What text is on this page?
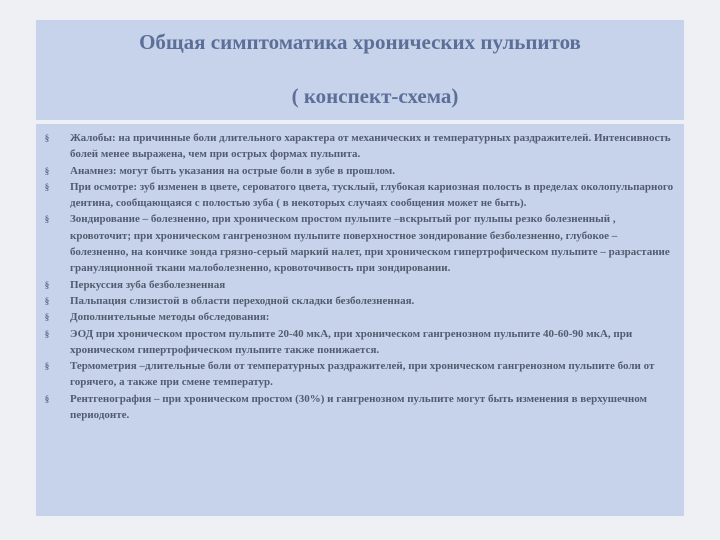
Общая симптоматика хронических пульпитов
( конспект-схема)
§ Жалобы: на причинные боли длительного характера от механических и температурных раздражителей. Интенсивность болей менее выражена, чем при острых формах пульпита.
§ Анамнез: могут быть указания на острые боли в зубе в прошлом.
§ При осмотре: зуб изменен в цвете, сероватого цвета, тусклый, глубокая кариозная полость в пределах околопульпарного дентина, сообщающаяся с полостью зуба ( в некоторых случаях сообщения может не быть).
§ Зондирование – болезненно, при хроническом простом пульпите –вскрытый рог пульпы резко болезненный , кровоточит; при хроническом гангренозном пульпите поверхностное зондирование безболезненно, глубокое –болезненно, на кончике зонда грязно-серый маркий налет, при хроническом гипертрофическом пульпите – разрастание грануляционной ткани малоболезненно, кровоточивость при зондировании.
§ Перкуссия зуба безболезненная
§ Пальпация слизистой в области переходной складки безболезненная.
§ Дополнительные методы обследования:
§ ЭОД при хроническом простом пульпите 20-40 мкА, при хроническом гангренозном пульпите 40-60-90 мкА, при хроническом гипертрофическом пульпите также понижается.
§ Термометрия –длительные боли от температурных раздражителей, при хроническом гангренозном пульпите боли от горячего, а также при смене температур.
§ Рентгенография – при хроническом простом (30%) и гангренозном пульпите могут быть изменения в верхушечном периодонте.
